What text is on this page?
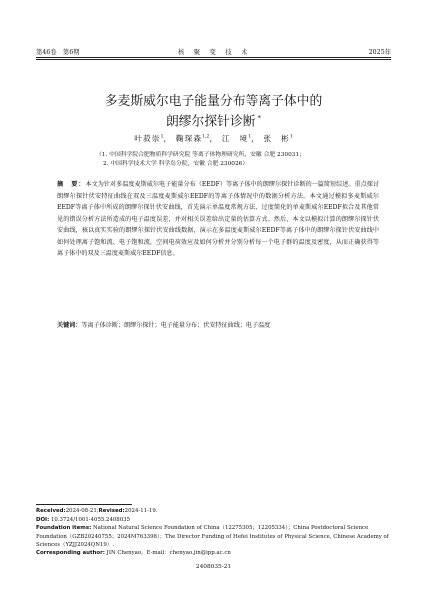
第46卷　第6期	核　聚　变　技　术	2025年
多麦斯威尔电子能量分布等离子体中的
朗缪尔探针诊断 *
叶菽崇$^1$， 鞠琛森$^{1,2}$， 江　境$^1$， 张　彬$^1$
（1. 中国科学院合肥物质科学研究院 等离子体物理研究所，安徽 合肥 230031；
2. 中国科学技术大学 科学岛分院，安徽 合肥 230026）
摘　要：本文为针对多温度麦斯威尔电子能量分布（EEDF）等离子体中的朗缪尔探针诊断的一篇简短综述。重点探讨朗缪尔探针伏安特征曲线在双及三温度麦斯威尔EEDF的等离子体情况中的数据分析方法。本文通过模拟多麦斯威尔EEDF等离子体中所成的朗缪尔探针伏安曲线，首先演示单温度常规方法、过度简化的单麦斯威尔EEDF拟合及其他常见的错误分析方法所造成的电子温度误差，并对相关误差给出定量的估算方式。然后，本文以模拟计算的朗缪尔探针伏安曲线，核以真实实验的朗缪尔探针伏安曲线数据，演示在多温度麦斯威尔EEDF等离子体中的朗缪尔探针伏安曲线中如何处理离子饱和流、电子饱和流，空间电荷效应及如何分析并分别分析每一个电子群的温度及密度，从而正确获得等离子体中的双及三温度麦斯威尔EEDF信息。
关键词：等离子体诊断；朗缪尔探针；电子能量分布；伏安特征曲线；电子温度
Received:2024-08-21;Revised:2024-11-19.
DOI: 10.3724/1001-4055.2408035
Foundation items: National Natural Science Foundation of China（12275305；12205334）；China Postdoctoral Science Foundation（GZB20240755；2024M763398）；The Director Funding of Hefei Institutes of Physical Science, Chinese Academy of Sciences（YZJJ2024QN19）.
Corresponding author: JIN Chenyao，E-mail：chenyao.jin@ipp.ac.cn
2408035-21
